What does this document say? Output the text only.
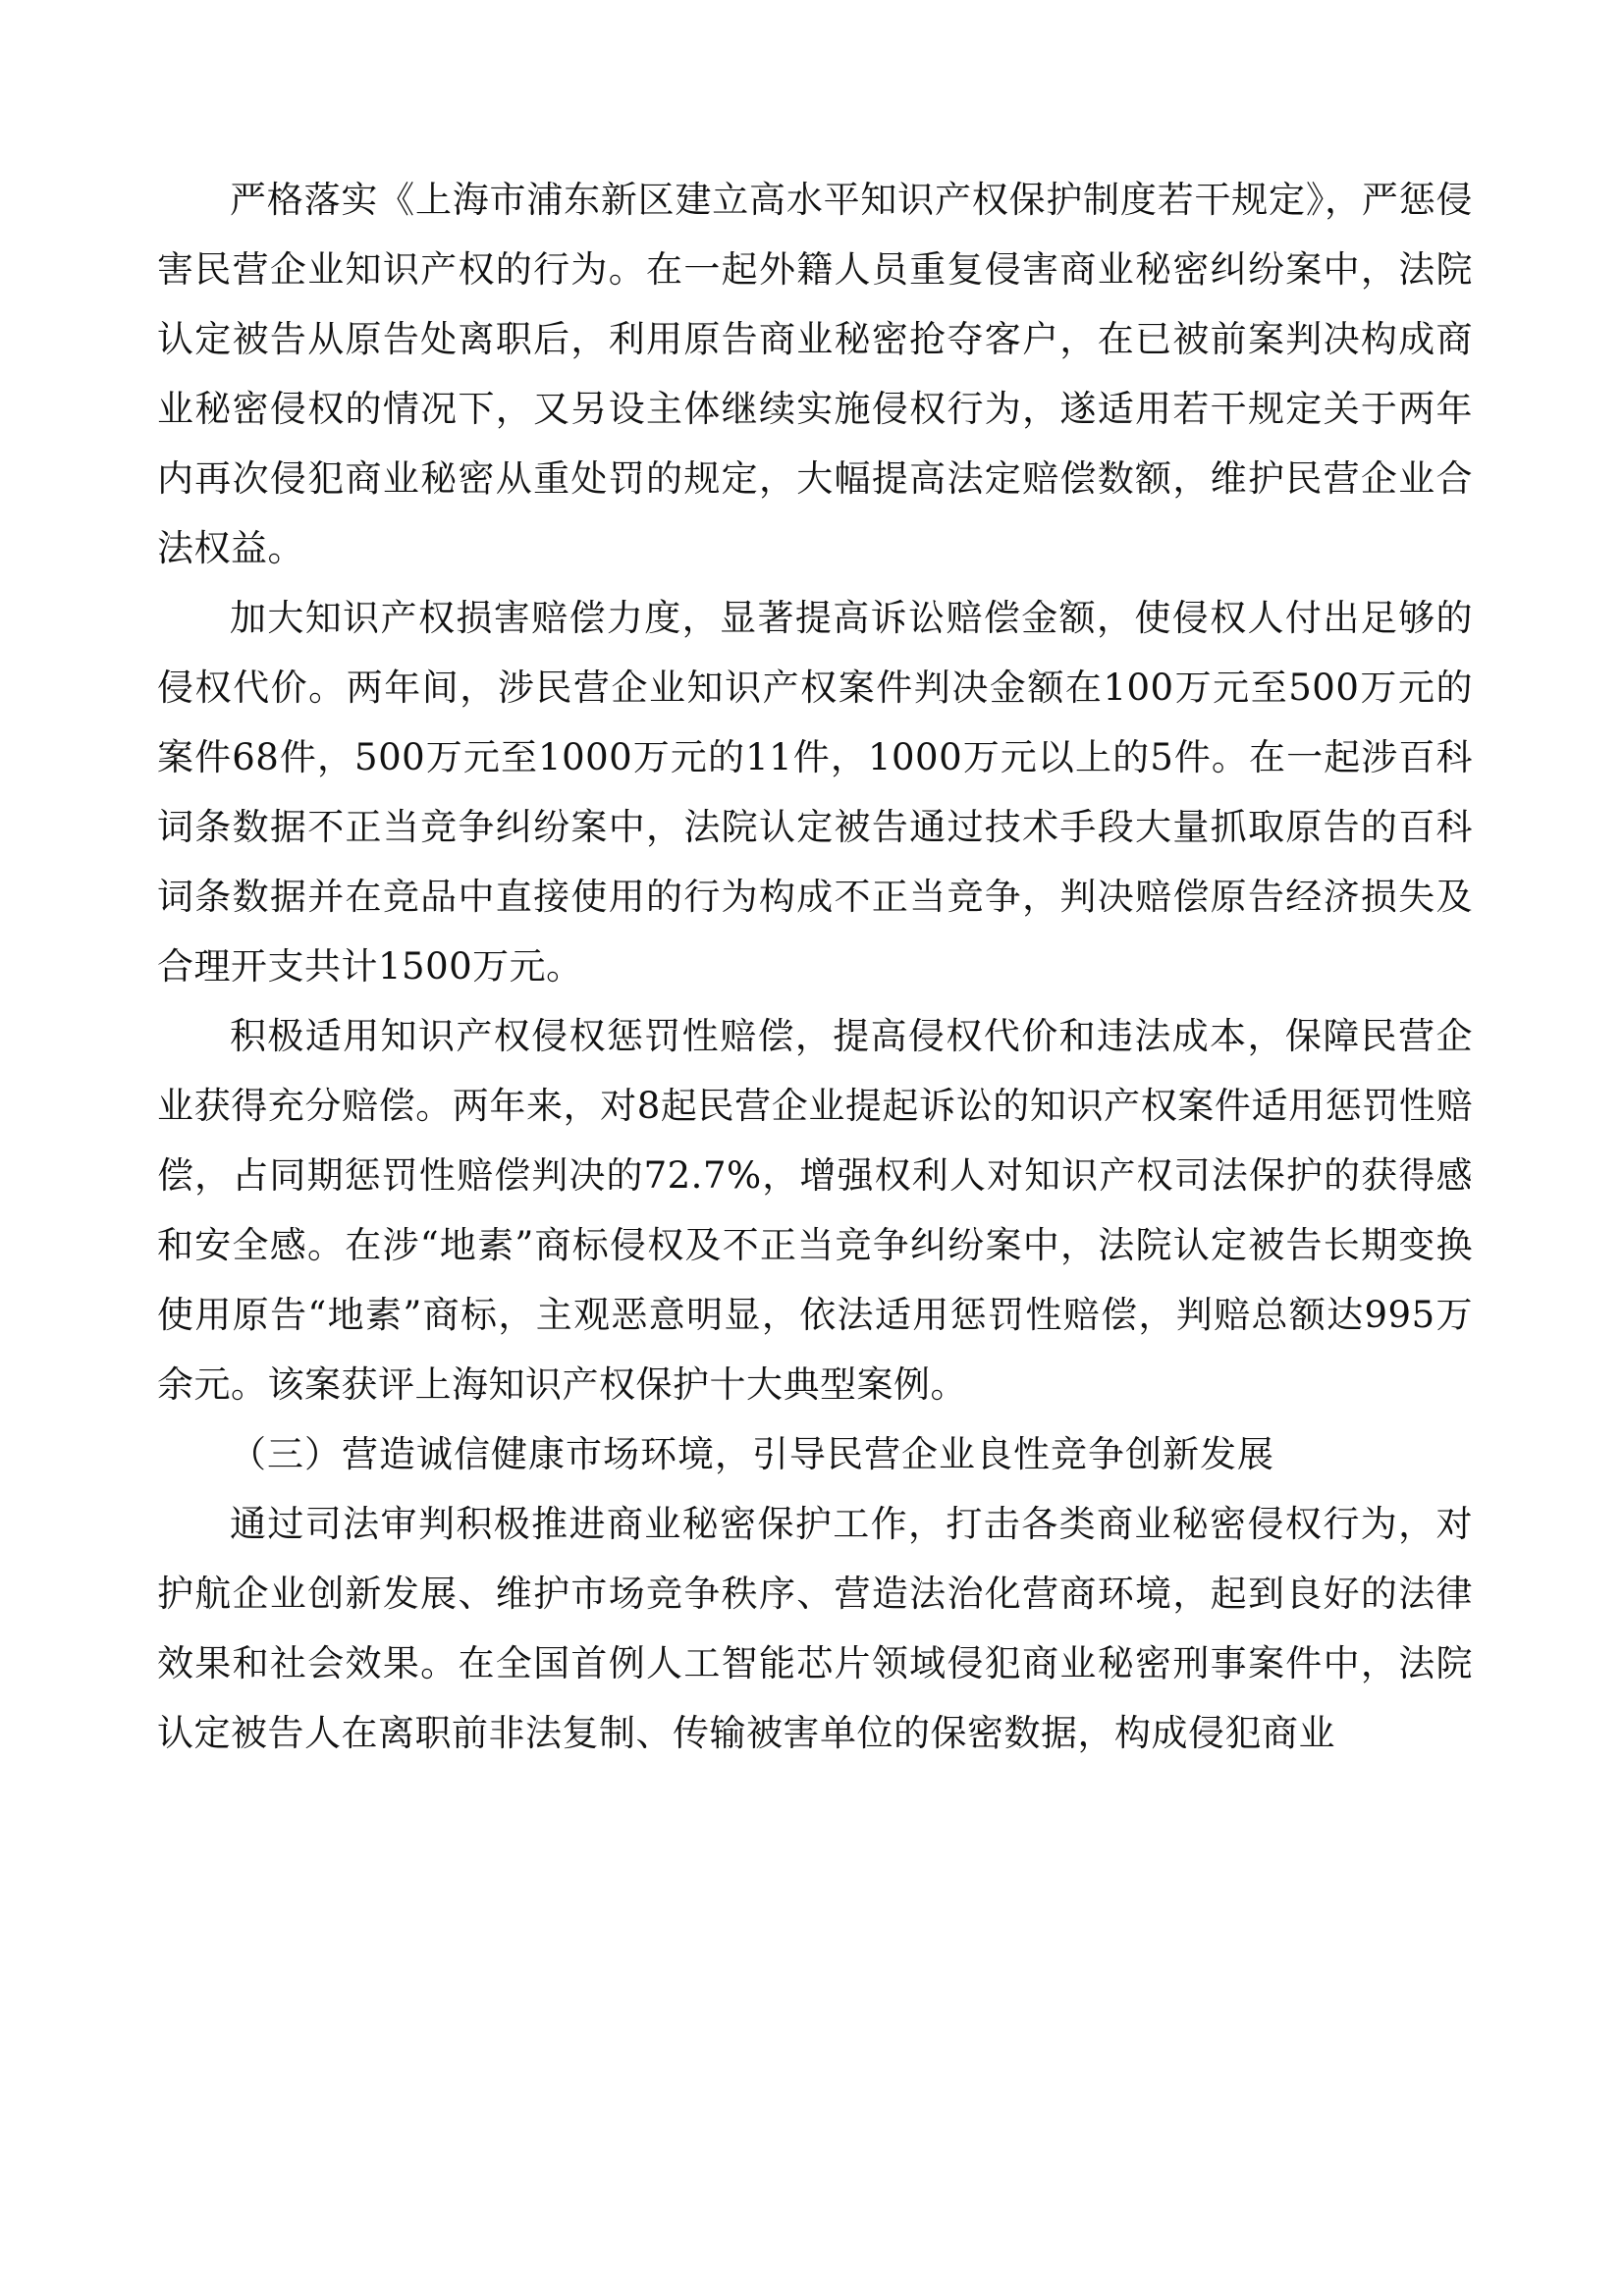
严格落实《上海市浦东新区建立高水平知识产权保护制度若干规定》，严惩侵害民营企业知识产权的行为。在一起外籍人员重复侵害商业秘密纠纷案中，法院认定被告从原告处离职后，利用原告商业秘密抢夺客户，在已被前案判决构成商业秘密侵权的情况下，又另设主体继续实施侵权行为，遂适用若干规定关于两年内再次侵犯商业秘密从重处罚的规定，大幅提高法定赔偿数额，维护民营企业合法权益。

加大知识产权损害赔偿力度，显著提高诉讼赔偿金额，使侵权人付出足够的侵权代价。两年间，涉民营企业知识产权案件判决金额在100万元至500万元的案件68件，500万元至1000万元的11件，1000万元以上的5件。在一起涉百科词条数据不正当竞争纠纷案中，法院认定被告通过技术手段大量抓取原告的百科词条数据并在竞品中直接使用的行为构成不正当竞争，判决赔偿原告经济损失及合理开支共计1500万元。

积极适用知识产权侵权惩罚性赔偿，提高侵权代价和违法成本，保障民营企业获得充分赔偿。两年来，对8起民营企业提起诉讼的知识产权案件适用惩罚性赔偿，占同期惩罚性赔偿判决的72.7%，增强权利人对知识产权司法保护的获得感和安全感。在涉“地素”商标侵权及不正当竞争纠纷案中，法院认定被告长期变换使用原告“地素”商标，主观恶意明显，依法适用惩罚性赔偿，判赔总额达995万余元。该案获评上海知识产权保护十大典型案例。

（三）营造诚信健康市场环境，引导民营企业良性竞争创新发展

通过司法审判积极推进商业秘密保护工作，打击各类商业秘密侵权行为，对护航企业创新发展、维护市场竞争秩序、营造法治化营商环境，起到良好的法律效果和社会效果。在全国首例人工智能芯片领域侵犯商业秘密刑事案件中，法院认定被告人在离职前非法复制、传输被害单位的保密数据，构成侵犯商业
